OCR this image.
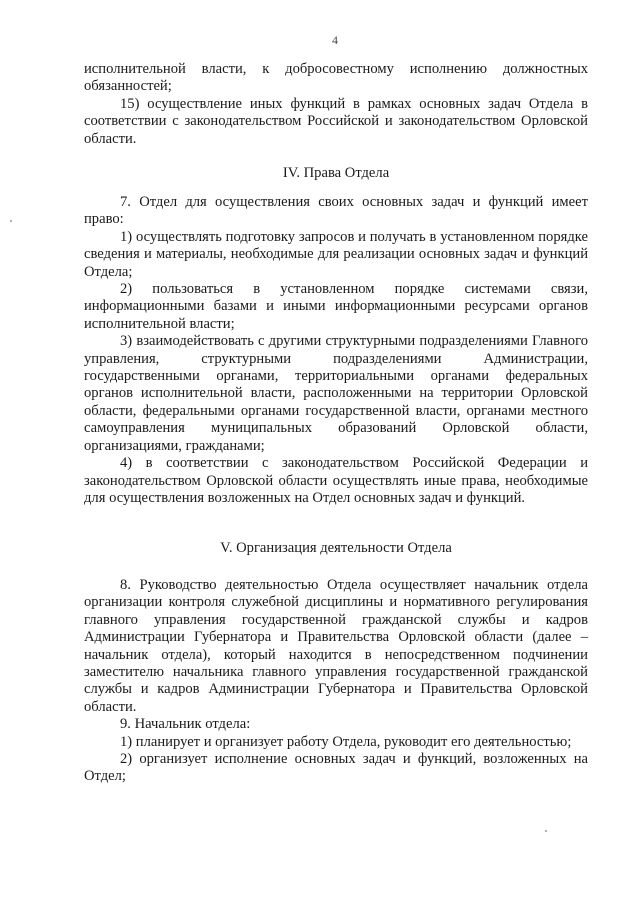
4

исполнительной власти, к добросовестному исполнению должностных обязанностей;

15) осуществление иных функций в рамках основных задач Отдела в соответствии с законодательством Российской и законодательством Орловской области.

IV. Права Отдела

7. Отдел для осуществления своих основных задач и функций имеет право:

1) осуществлять подготовку запросов и получать в установленном порядке сведения и материалы, необходимые для реализации основных задач и функций Отдела;

2) пользоваться в установленном порядке системами связи, информационными базами и иными информационными ресурсами органов исполнительной власти;

3) взаимодействовать с другими структурными подразделениями Главного управления, структурными подразделениями Администрации, государственными органами, территориальными органами федеральных органов исполнительной власти, расположенными на территории Орловской области, федеральными органами государственной власти, органами местного самоуправления муниципальных образований Орловской области, организациями, гражданами;

4) в соответствии с законодательством Российской Федерации и законодательством Орловской области осуществлять иные права, необходимые для осуществления возложенных на Отдел основных задач и функций.

V. Организация деятельности Отдела

8. Руководство деятельностью Отдела осуществляет начальник отдела организации контроля служебной дисциплины и нормативного регулирования главного управления государственной гражданской службы и кадров Администрации Губернатора и Правительства Орловской области (далее – начальник отдела), который находится в непосредственном подчинении заместителю начальника главного управления государственной гражданской службы и кадров Администрации Губернатора и Правительства Орловской области.

9. Начальник отдела:

1) планирует и организует работу Отдела, руководит его деятельностью;

2) организует исполнение основных задач и функций, возложенных на Отдел;
